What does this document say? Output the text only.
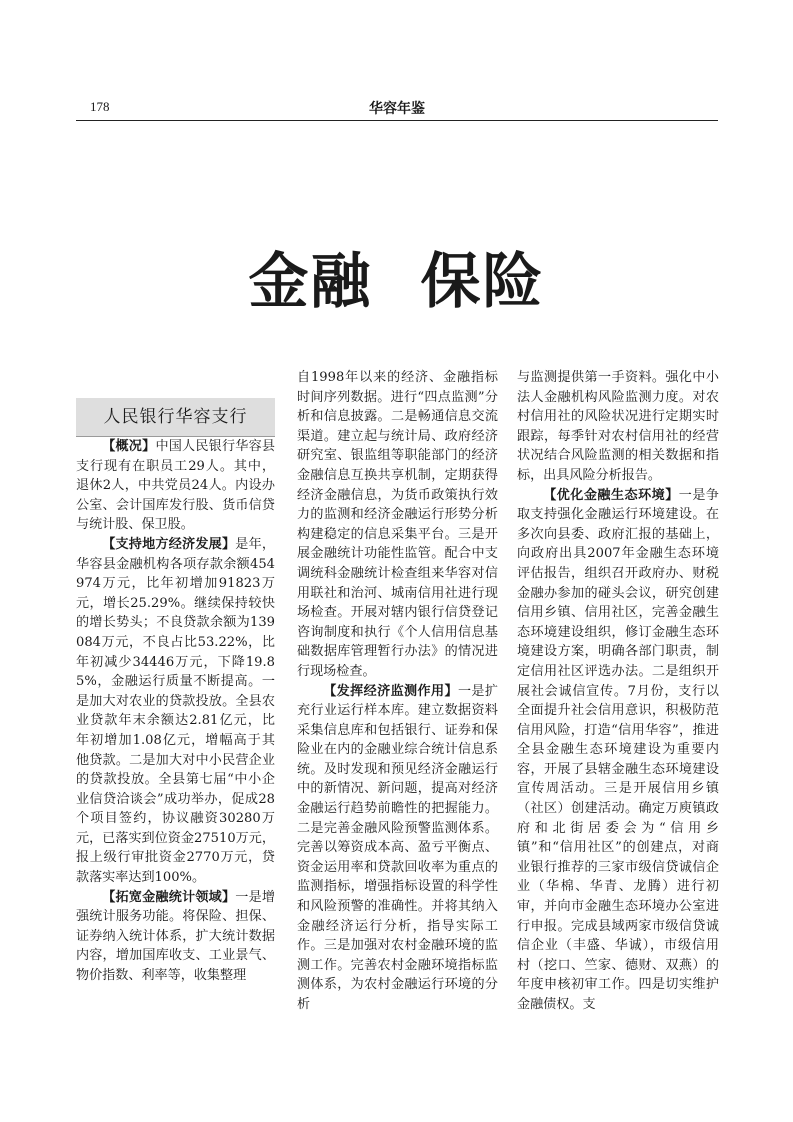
178	华容年鉴
金融 保险
人民银行华容支行

【概况】中国人民银行华容县支行现有在职员工29人。其中，退休2人，中共党员24人。内设办公室、会计国库发行股、货币信贷与统计股、保卫股。

【支持地方经济发展】是年，华容县金融机构各项存款余额454974万元，比年初增加91823万元，增长25.29%。继续保持较快的增长势头；不良贷款余额为139084万元，不良占比53.22%，比年初减少34446万元，下降19.85%，金融运行质量不断提高。一是加大对农业的贷款投放。全县农业贷款年末余额达2.81亿元，比年初增加1.08亿元，增幅高于其他贷款。二是加大对中小民营企业的贷款投放。全县第七届“中小企业信贷洽谈会”成功举办，促成28个项目签约，协议融资30280万元，已落实到位资金27510万元，报上级行审批资金2770万元，贷款落实率达到100%。

【拓宽金融统计领域】一是增强统计服务功能。将保险、担保、证券纳入统计体系，扩大统计数据内容，增加国库收支、工业景气、物价指数、利率等，收集整理

自1998年以来的经济、金融指标时间序列数据。进行“四点监测”分析和信息披露。二是畅通信息交流渠道。建立起与统计局、政府经济研究室、银监组等职能部门的经济金融信息互换共享机制，定期获得经济金融信息，为货币政策执行效力的监测和经济金融运行形势分析构建稳定的信息采集平台。三是开展金融统计功能性监管。配合中支调统科金融统计检查组来华容对信用联社和治河、城南信用社进行现场检查。开展对辖内银行信贷登记咨询制度和执行《个人信用信息基础数据库管理暂行办法》的情况进行现场检查。

【发挥经济监测作用】一是扩充行业运行样本库。建立数据资料采集信息库和包括银行、证券和保险业在内的金融业综合统计信息系统。及时发现和预见经济金融运行中的新情况、新问题，提高对经济金融运行趋势前瞻性的把握能力。二是完善金融风险预警监测体系。完善以筹资成本高、盈亏平衡点、资金运用率和贷款回收率为重点的监测指标，增强指标设置的科学性和风险预警的准确性。并将其纳入金融经济运行分析，指导实际工作。三是加强对农村金融环境的监测工作。完善农村金融环境指标监测体系，为农村金融运行环境的分析

与监测提供第一手资料。强化中小法人金融机构风险监测力度。对农村信用社的风险状况进行定期实时跟踪，每季针对农村信用社的经营状况结合风险监测的相关数据和指标，出具风险分析报告。

【优化金融生态环境】一是争取支持强化金融运行环境建设。在多次向县委、政府汇报的基础上，向政府出具2007年金融生态环境评估报告，组织召开政府办、财税金融办参加的碰头会议，研究创建信用乡镇、信用社区，完善金融生态环境建设组织，修订金融生态环境建设方案，明确各部门职责，制定信用社区评选办法。二是组织开展社会诚信宣传。7月份，支行以全面提升社会信用意识，积极防范信用风险，打造“信用华容”，推进全县金融生态环境建设为重要内容，开展了县辖金融生态环境建设宣传周活动。三是开展信用乡镇（社区）创建活动。确定万庾镇政府和北街居委会为“信用乡镇”和“信用社区”的创建点，对商业银行推荐的三家市级信贷诚信企业（华棉、华青、龙腾）进行初审，并向市金融生态环境办公室进行申报。完成县域两家市级信贷诚信企业（丰盛、华诚），市级信用村（挖口、竺家、德财、双燕）的年度申核初审工作。四是切实维护金融债权。支
